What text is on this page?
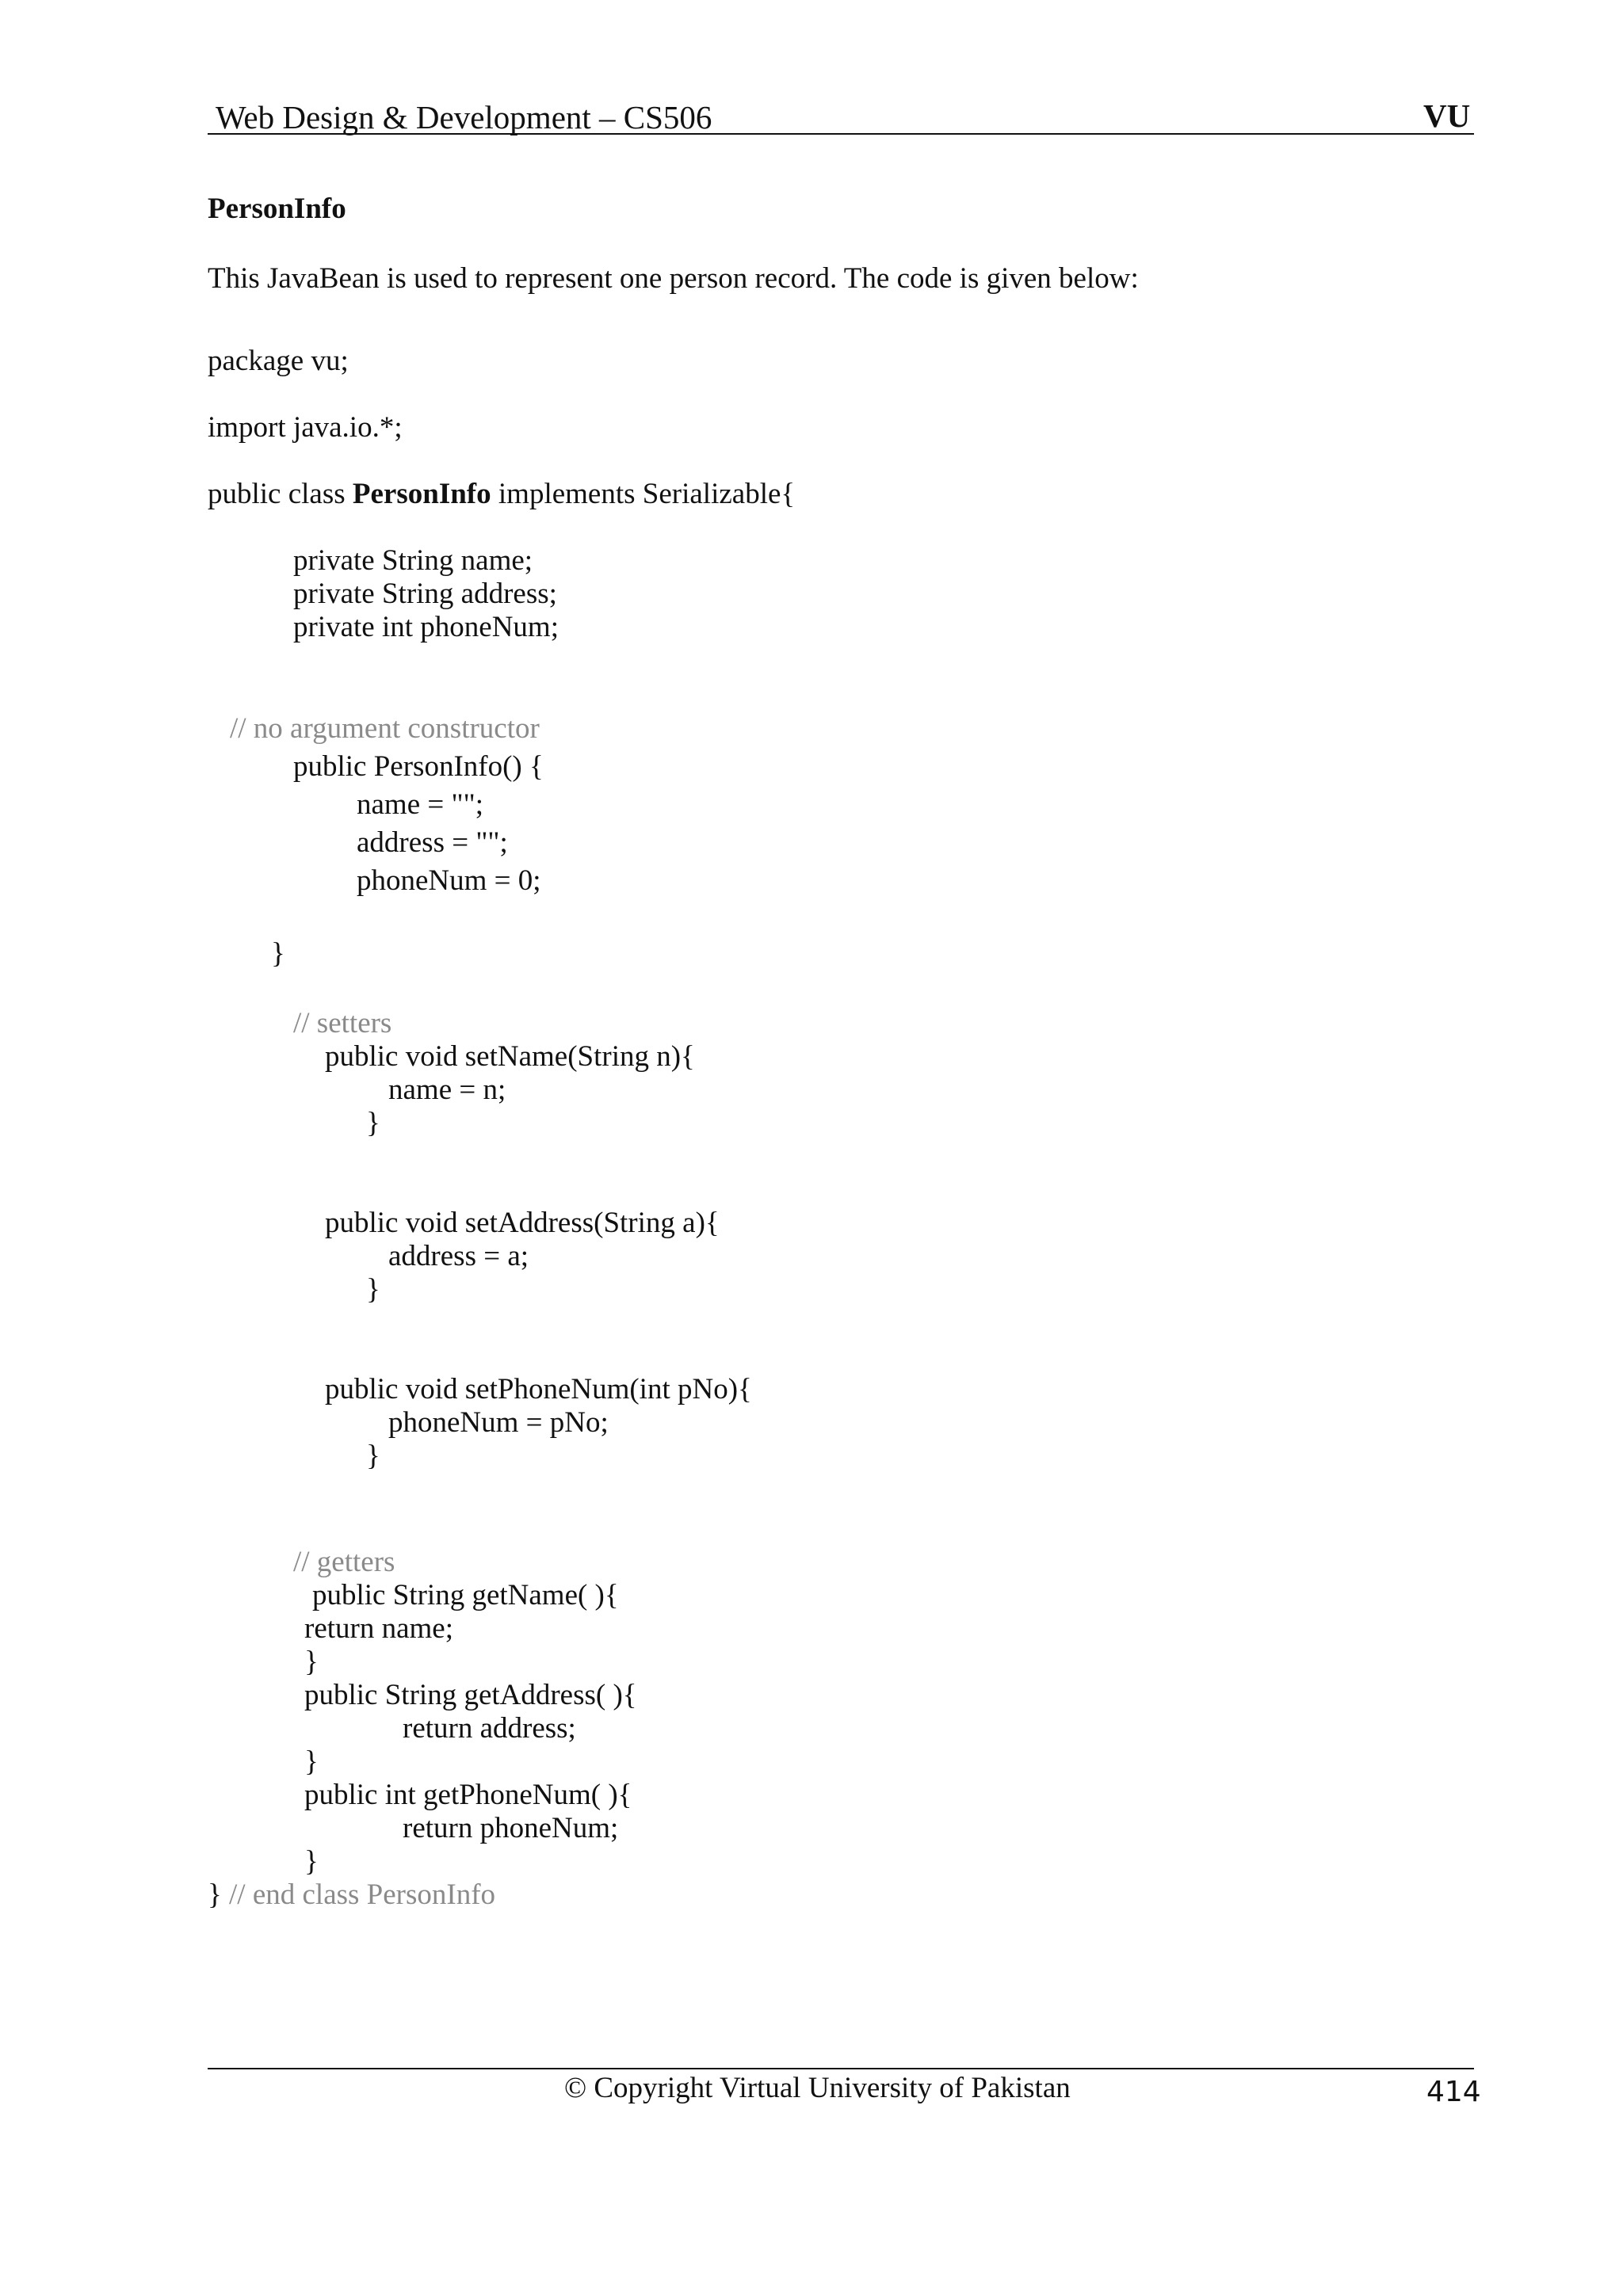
Web Design & Development – CS506	VU
PersonInfo
This JavaBean is used to represent one person record. The code is given below:
package vu;
import java.io.*;
public class PersonInfo implements Serializable{
private String name;
private String address;
private int phoneNum;
// no argument constructor
public PersonInfo() {
name = "";
address = "";
phoneNum = 0;
}
// setters
public void setName(String n){
name = n;
}
public void setAddress(String a){
address = a;
}
public void setPhoneNum(int pNo){
phoneNum = pNo;
}
// getters
public String getName( ){
return name;
}
public String getAddress( ){
return address;
}
public int getPhoneNum( ){
return phoneNum;
}
} // end class PersonInfo
© Copyright Virtual University of Pakistan	414
